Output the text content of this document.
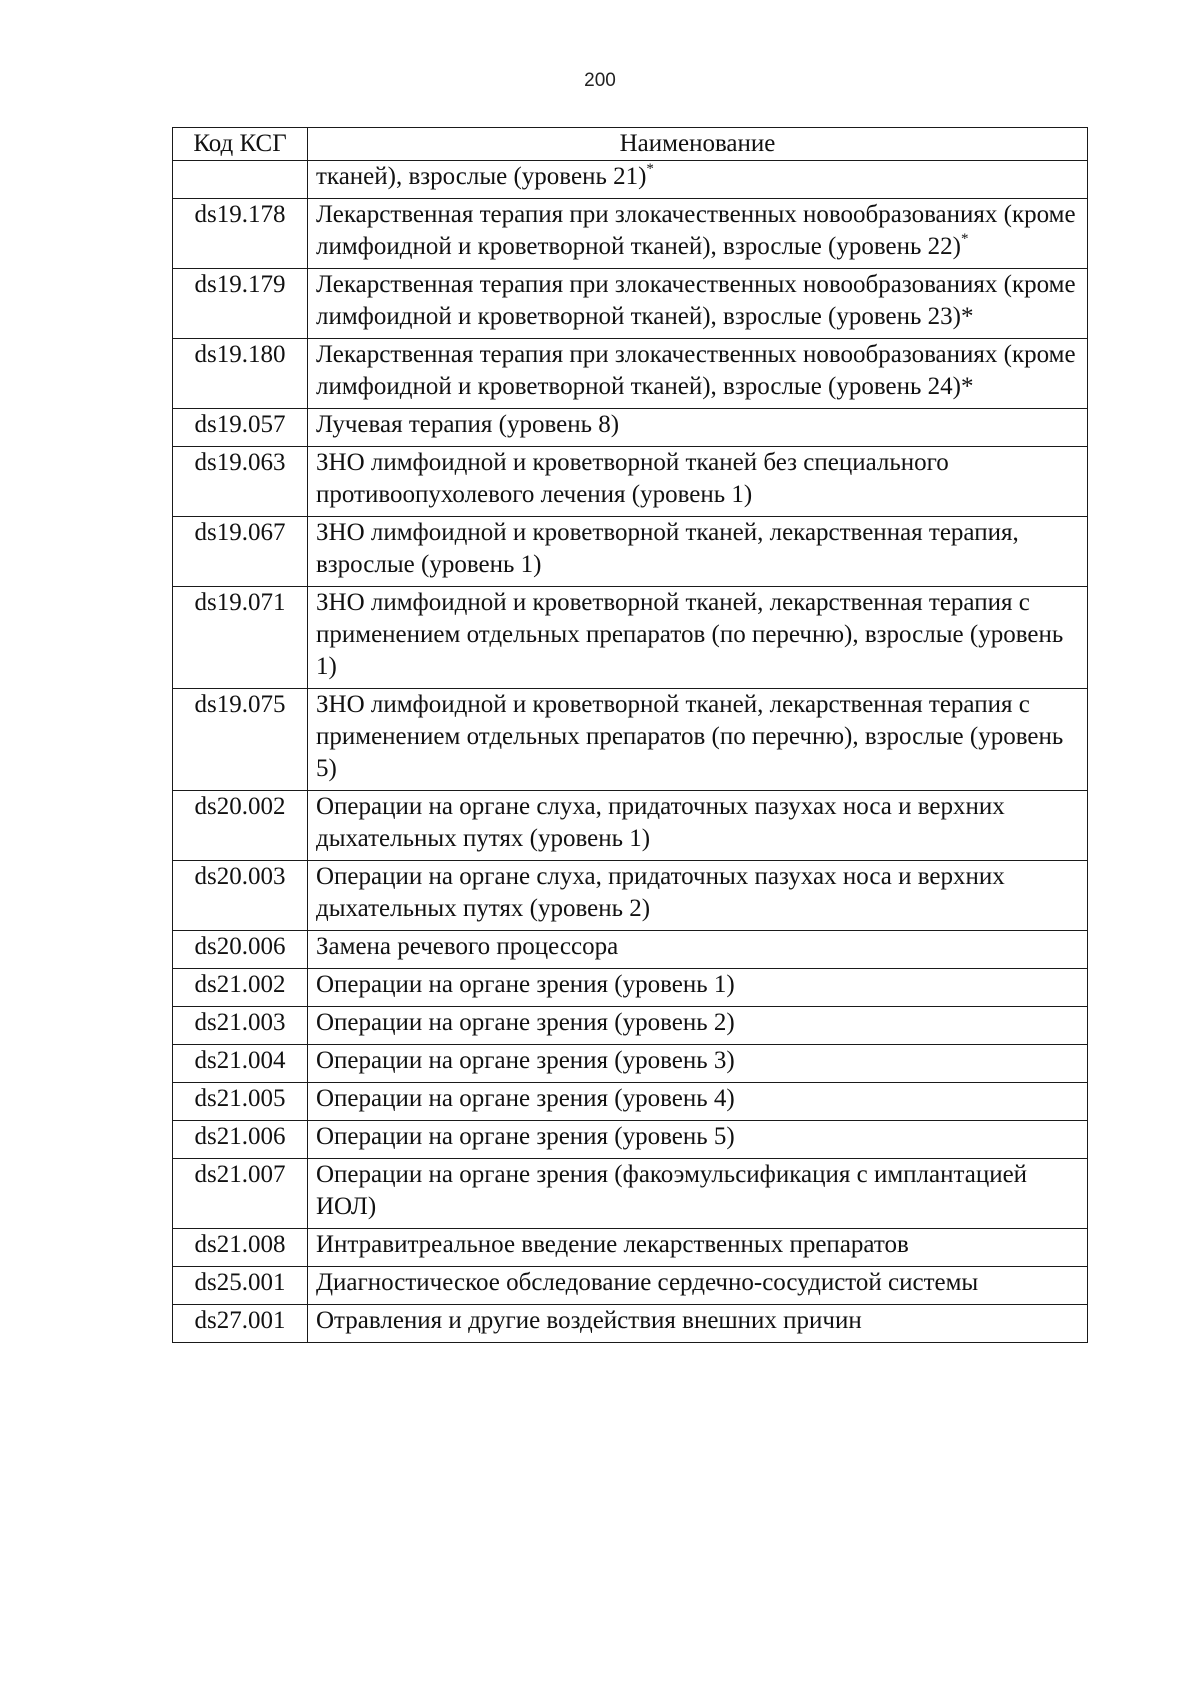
200
Код КСГ	Наименование
	тканей), взрослые (уровень 21)*
ds19.178	Лекарственная терапия при злокачественных новообразованиях (кроме лимфоидной и кроветворной тканей), взрослые (уровень 22)*
ds19.179	Лекарственная терапия при злокачественных новообразованиях (кроме лимфоидной и кроветворной тканей), взрослые (уровень 23)*
ds19.180	Лекарственная терапия при злокачественных новообразованиях (кроме лимфоидной и кроветворной тканей), взрослые (уровень 24)*
ds19.057	Лучевая терапия (уровень 8)
ds19.063	ЗНО лимфоидной и кроветворной тканей без специального противоопухолевого лечения (уровень 1)
ds19.067	ЗНО лимфоидной и кроветворной тканей, лекарственная терапия, взрослые (уровень 1)
ds19.071	ЗНО лимфоидной и кроветворной тканей, лекарственная терапия с применением отдельных препаратов (по перечню), взрослые (уровень 1)
ds19.075	ЗНО лимфоидной и кроветворной тканей, лекарственная терапия с применением отдельных препаратов (по перечню), взрослые (уровень 5)
ds20.002	Операции на органе слуха, придаточных пазухах носа и верхних дыхательных путях (уровень 1)
ds20.003	Операции на органе слуха, придаточных пазухах носа и верхних дыхательных путях (уровень 2)
ds20.006	Замена речевого процессора
ds21.002	Операции на органе зрения (уровень 1)
ds21.003	Операции на органе зрения (уровень 2)
ds21.004	Операции на органе зрения (уровень 3)
ds21.005	Операции на органе зрения (уровень 4)
ds21.006	Операции на органе зрения (уровень 5)
ds21.007	Операции на органе зрения (факоэмульсификация с имплантацией ИОЛ)
ds21.008	Интравитреальное введение лекарственных препаратов
ds25.001	Диагностическое обследование сердечно-сосудистой системы
ds27.001	Отравления и другие воздействия внешних причин
